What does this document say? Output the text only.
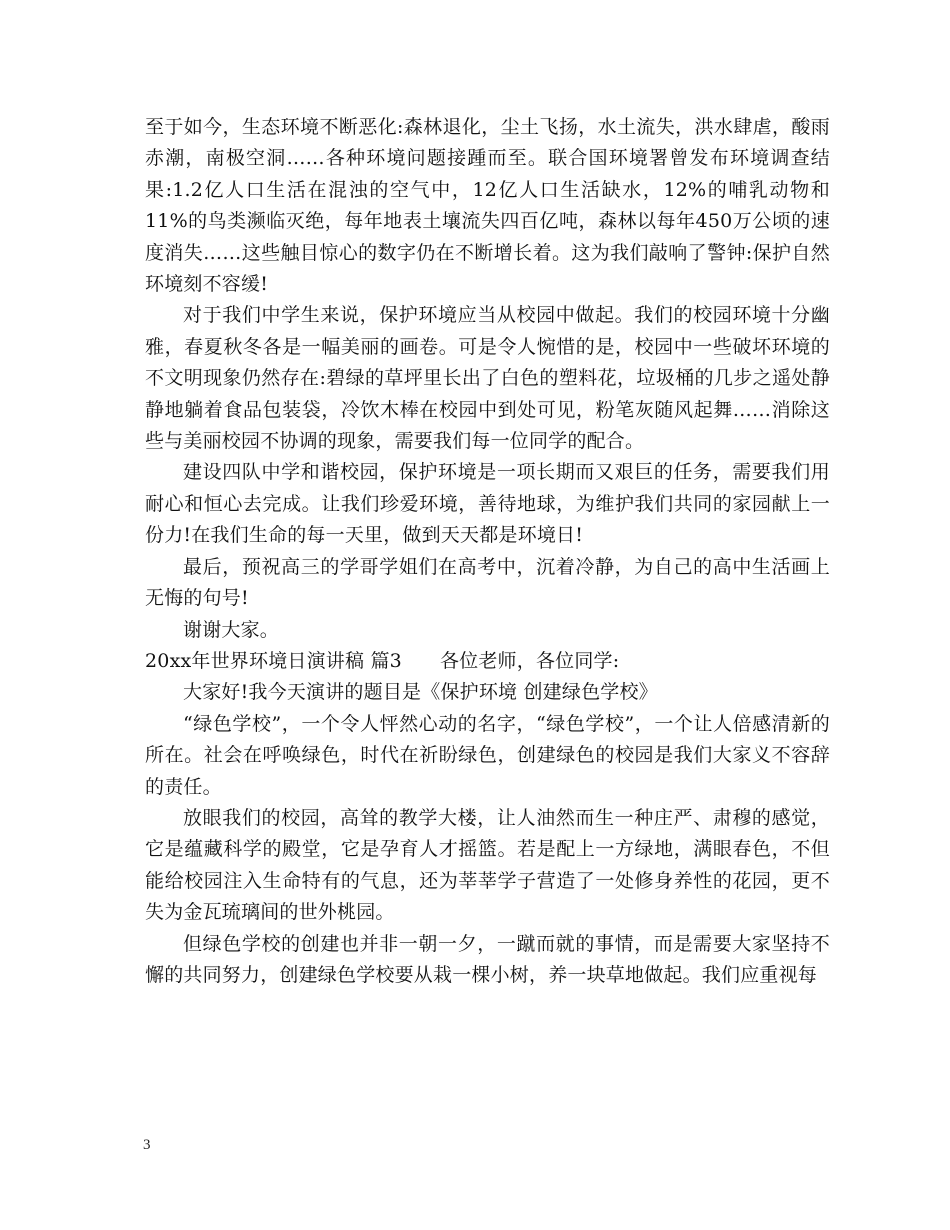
至于如今，生态环境不断恶化:森林退化，尘土飞扬，水土流失，洪水肆虐，酸雨赤潮，南极空洞……各种环境问题接踵而至。联合国环境署曾发布环境调查结果:1.2亿人口生活在混浊的空气中，12亿人口生活缺水，12%的哺乳动物和11%的鸟类濒临灭绝，每年地表土壤流失四百亿吨，森林以每年450万公顷的速度消失……这些触目惊心的数字仍在不断增长着。这为我们敲响了警钟:保护自然环境刻不容缓!

对于我们中学生来说，保护环境应当从校园中做起。我们的校园环境十分幽雅，春夏秋冬各是一幅美丽的画卷。可是令人惋惜的是，校园中一些破坏环境的不文明现象仍然存在:碧绿的草坪里长出了白色的塑料花，垃圾桶的几步之遥处静静地躺着食品包装袋，冷饮木棒在校园中到处可见，粉笔灰随风起舞……消除这些与美丽校园不协调的现象，需要我们每一位同学的配合。

建设四队中学和谐校园，保护环境是一项长期而又艰巨的任务，需要我们用耐心和恒心去完成。让我们珍爱环境，善待地球，为维护我们共同的家园献上一份力!在我们生命的每一天里，做到天天都是环境日!

最后，预祝高三的学哥学姐们在高考中，沉着冷静，为自己的高中生活画上无悔的句号!

谢谢大家。

20xx年世界环境日演讲稿 篇3 各位老师，各位同学:

大家好!我今天演讲的题目是《保护环境 创建绿色学校》

“绿色学校”，一个令人怦然心动的名字，“绿色学校”，一个让人倍感清新的所在。社会在呼唤绿色，时代在祈盼绿色，创建绿色的校园是我们大家义不容辞的责任。

放眼我们的校园，高耸的教学大楼，让人油然而生一种庄严、肃穆的感觉，它是蕴藏科学的殿堂，它是孕育人才摇篮。若是配上一方绿地，满眼春色，不但能给校园注入生命特有的气息，还为莘莘学子营造了一处修身养性的花园，更不失为金瓦琉璃间的世外桃园。

但绿色学校的创建也并非一朝一夕，一蹴而就的事情，而是需要大家坚持不懈的共同努力，创建绿色学校要从栽一棵小树，养一块草地做起。我们应重视每

3
